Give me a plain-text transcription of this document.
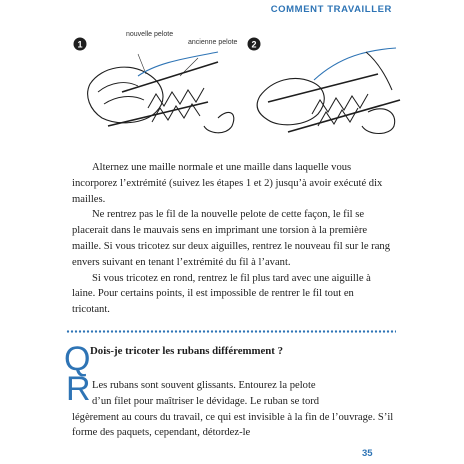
COMMENT TRAVAILLER
1
nouvelle pelote
ancienne pelote 2

Alternez une maille normale et une maille dans laquelle vous incorporez l’extrémité (suivez les étapes 1 et 2) jusqu’à avoir exécuté dix mailles.

Ne rentrez pas le fil de la nouvelle pelote de cette façon, le fil se placerait dans le mauvais sens en imprimant une torsion à la première maille. Si vous tricotez sur deux aiguilles, rentrez le nouveau fil sur le rang envers suivant en tenant l’extrémité du fil à l’avant.

Si vous tricotez en rond, rentrez le fil plus tard avec une aiguille à laine. Pour certains points, il est impossible de rentrer le fil tout en tricotant.

Q Dois-je tricoter les rubans différemment ?
R Les rubans sont souvent glissants. Entourez la pelote
d’un filet pour maîtriser le dévidage. Le ruban se tord
légèrement au cours du travail, ce qui est invisible à la fin de l’ouvrage. S’il forme des paquets, cependant, détordez-le
35
